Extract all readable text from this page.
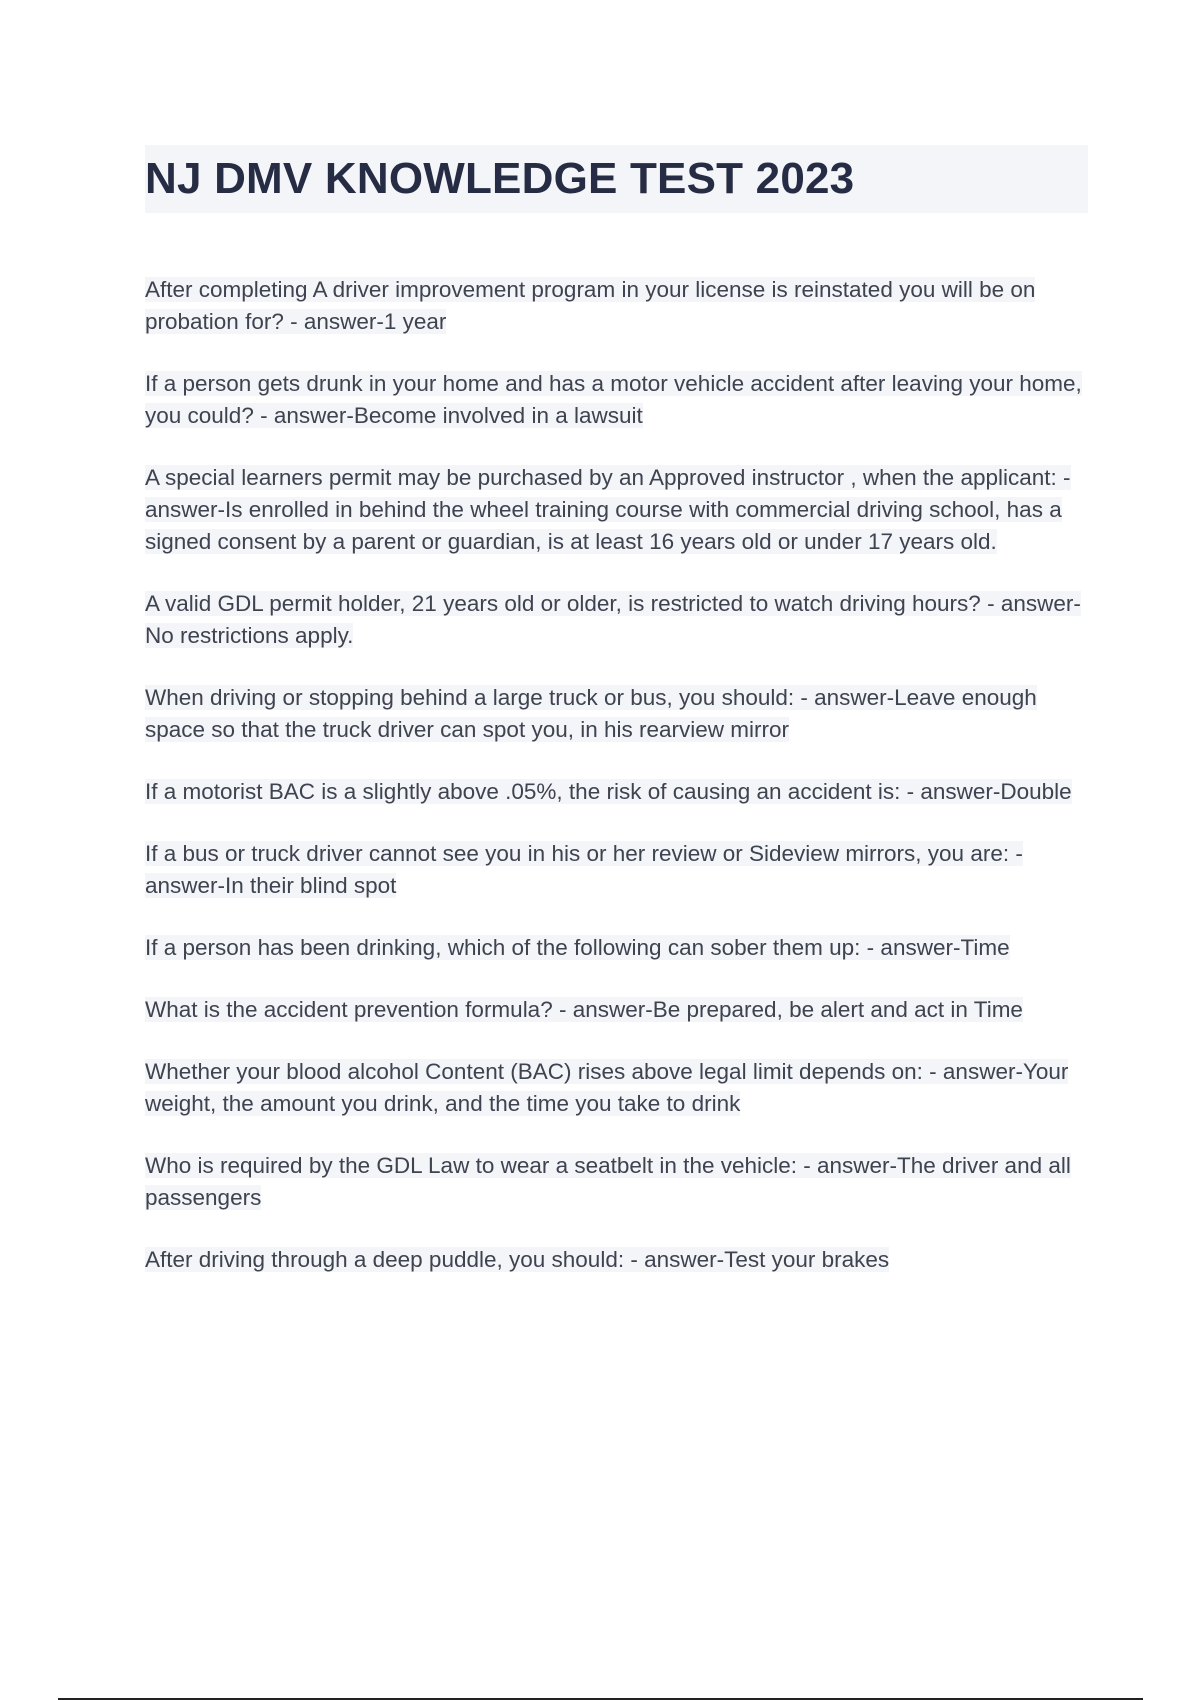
NJ DMV KNOWLEDGE TEST 2023
After completing A driver improvement program in your license is reinstated you will be on probation for? - answer-1 year
If a person gets drunk in your home and has a motor vehicle accident after leaving your home, you could? - answer-Become involved in a lawsuit
A special learners permit may be purchased by an Approved instructor , when the applicant: - answer-Is enrolled in behind the wheel training course with commercial driving school, has a signed consent by a parent or guardian, is at least 16 years old or under 17 years old.
A valid GDL permit holder, 21 years old or older, is restricted to watch driving hours? - answer-No restrictions apply.
When driving or stopping behind a large truck or bus, you should: - answer-Leave enough space so that the truck driver can spot you, in his rearview mirror
If a motorist BAC is a slightly above .05%, the risk of causing an accident is: - answer-Double
If a bus or truck driver cannot see you in his or her review or Sideview mirrors, you are: - answer-In their blind spot
If a person has been drinking, which of the following can sober them up: - answer-Time
What is the accident prevention formula? - answer-Be prepared, be alert and act in Time
Whether your blood alcohol Content (BAC) rises above legal limit depends on: - answer-Your weight, the amount you drink, and the time you take to drink
Who is required by the GDL Law to wear a seatbelt in the vehicle: - answer-The driver and all passengers
After driving through a deep puddle, you should: - answer-Test your brakes
